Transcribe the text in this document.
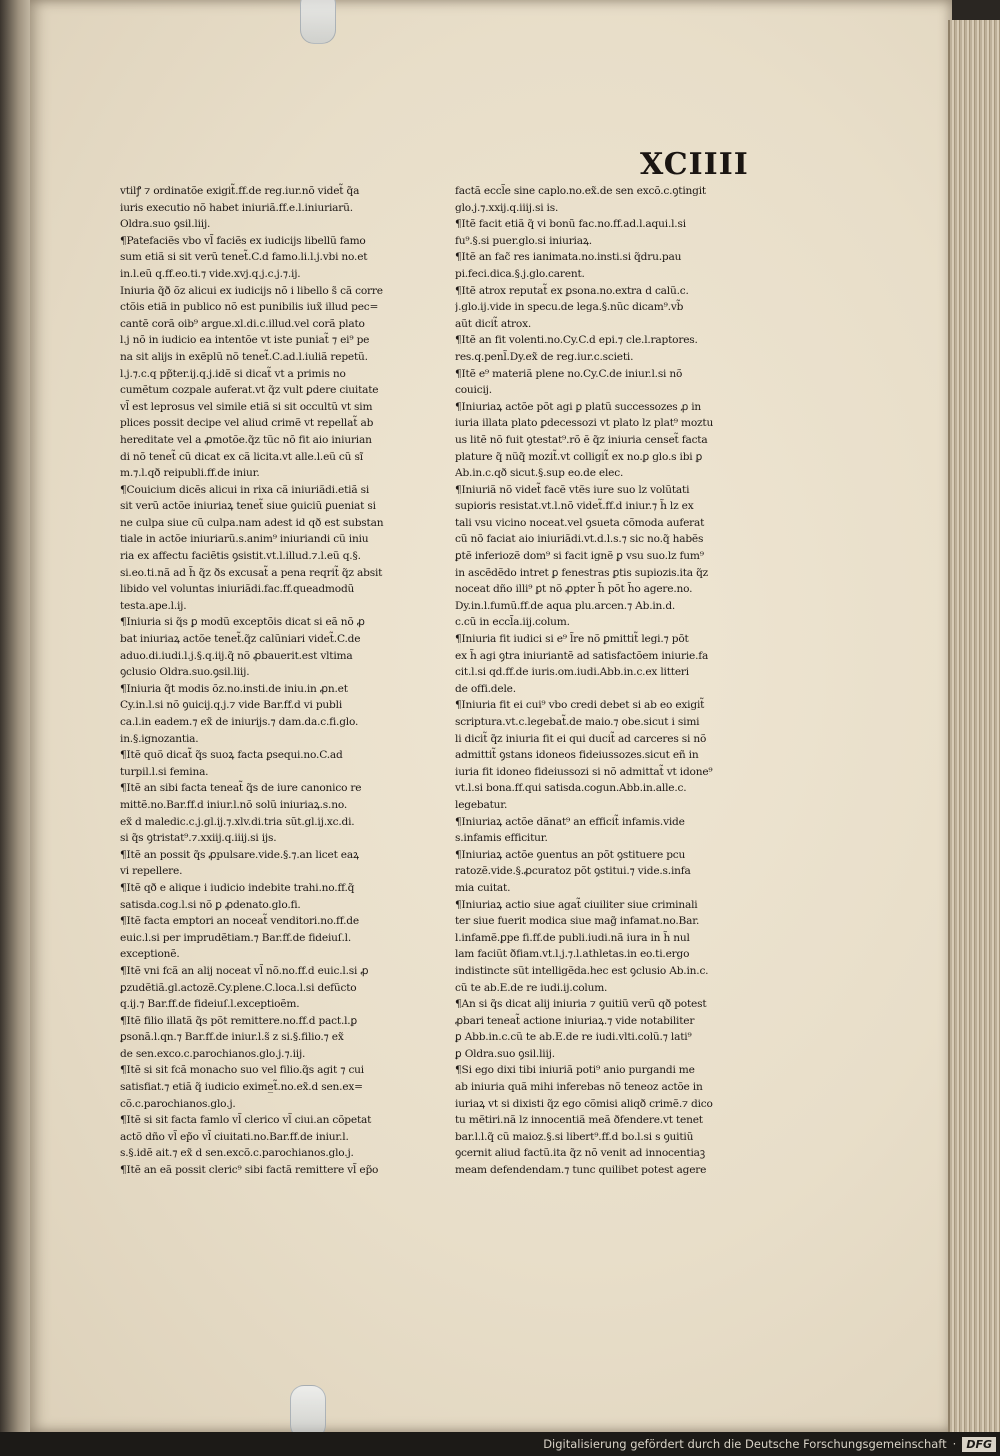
XCIIII
vtilꝭ ⁊ ordinatõe exigit̃.ff.de reg.iur.nõ videt̃ q̃a
iuris executio nõ habet iniuriã.ff.e.l.iniuriarũ.
Oldra.suo ꝯsil.liij.
¶Patefaciẽs vbo vl̃ faciẽs ex iudicijs libellũ famo
sum etiã si sit verũ tenet̃.C.d famo.li.l.j.vbi no.et
in.l.eũ q.ff.eo.ti.⁊ vide.xvj.q.j.c.j.⁊.ij.
Iniuria q̃ð õz alicui ex iudicijs nõ i libello s̃ cã corre
ctõis etiã in publico nõ est punibilis iux̃ illud pec=
cantẽ corã oib⁹ argue.xl.di.c.illud.vel corã plato
l.j nõ in iudicio ea intentõe vt iste puniat̃ ⁊ ei⁹ pe
na sit alijs in exẽplũ nõ tenet̃.C.ad.l.iuliã repetũ.
l.j.⁊.c.q pp̃ter.ij.q.j.idẽ si dicat̃ vt a primis no
cumẽtum cozpale auferat.vt q̃z vult ꝑdere ciuitate
vl̃ est leprosus vel simile etiã si sit occultũ vt sim
plices possit decipe vel aliud crimẽ vt repellat̃ ab
hereditate vel a ꝓmotõe.q̃z tũc nõ fit aio iniurian
di nõ tenet̃ cũ dicat ex cã licita.vt alle.l.eũ cũ sĩ
m.⁊.l.qð reipubli.ff.de iniur.
¶Couicium dicẽs alicui in rixa cã iniuriãdi.etiã si
sit verũ actõe iniuriaꝝ tenet̃ siue ꝯuiciũ ꝑueniat si
ne culpa siue cũ culpa.nam adest id qð est substan
tiale in actõe iniuriarũ.s.anim⁹ iniuriandi cũ iniu
ria ex affectu faciẽtis ꝯsistit.vt.l.illud.⁊.l.eũ q.§.
si.eo.ti.nã ad h̃ q̃z ðs excusat̃ a pena reqrit̃ q̃z absit
libido vel voluntas iniuriãdi.fac.ff.queadmodũ
testa.ape.l.ij.
¶Iniuria si q̃s ꝑ modũ exceptõis dicat si eã nõ ꝓ
bat iniuriaꝝ actõe tenet̃.q̃z calũniari videt̃.C.de
aduo.di.iudi.l.j.§.q.iij.q̃ nõ ꝓbauerit.est vltima
ꝯclusio Oldra.suo.ꝯsil.liij.
¶Iniuria q̃t modis õz.no.insti.de iniu.in ꝓn.et
Cy.in.l.si nõ ꝯuicij.q.j.⁊ vide Bar.ff.d vi publi
ca.l.in eadem.⁊ ex̃ de iniurijs.⁊ dam.da.c.fi.glo.
in.§.ignozantia.
¶Itẽ quõ dicat̃ q̃s suoꝝ facta ꝑsequi.no.C.ad
turpil.l.si femina.
¶Itẽ an sibi facta teneat̃ q̃s de iure canonico re
mittẽ.no.Bar.ff.d iniur.l.nõ solũ iniuriaꝝ.s.no.
ex̃ d maledic.c.j.gl.ij.⁊.xlv.di.tria sũt.gl.ij.xc.di.
si q̃s ꝯtristat⁹.⁊.xxiij.q.iiij.si ijs.
¶Itẽ an possit q̃s ꝓpulsare.vide.§.⁊.an licet eaꝝ
vi repellere.
¶Itẽ qð e alique i iudicio indebite trahi.no.ff.q̃
satisda.cog.l.si nõ ꝑ ꝓdenato.glo.fi.
¶Itẽ facta emptori an noceat̃ venditori.no.ff.de
euic.l.si per imprudẽtiam.⁊ Bar.ff.de fideiuſ.l.
exceptionẽ.
¶Itẽ vni fcã an alij noceat vl̃ nõ.no.ff.d euic.l.si ꝓ
ꝑzudẽtiã.gl.actozẽ.Cy.plene.C.loca.l.si defũcto
q.ij.⁊ Bar.ff.de fideiuſ.l.exceptioẽm.
¶Itẽ filio illatã q̃s põt remittere.no.ff.d pact.l.ꝑ
ꝑsonã.l.qn.⁊ Bar.ff.de iniur.l.s̃ z si.§.filio.⁊ ex̃
de sen.exco.c.parochianos.glo.j.⁊.iij.
¶Itẽ si sit fcã monacho suo vel filio.q̃s agit ⁊ cui
satisfiat.⁊ etiã q̃ iudicio exime̲t̃.no.ex̃.d sen.ex=
cõ.c.parochianos.glo.j.
¶Itẽ si sit facta famlo vl̃ clerico vl̃ ciui.an cõpetat
actõ dño vl̃ ep̃o vl̃ ciuitati.no.Bar.ff.de iniur.l.
s.§.idẽ ait.⁊ ex̃ d sen.excõ.c.parochianos.glo.j.
¶Itẽ an eã possit cleric⁹ sibi factã remittere vl̃ ep̃o
factã eccl̃e sine caplo.no.ex̃.de sen excõ.c.ꝯtingit
glo.j.⁊.xxij.q.iiij.si is.
¶Itẽ facit etiã q̃ vi bonũ fac.no.ff.ad.l.aqui.l.si
fu⁹.§.si puer.glo.si iniuriaꝝ.
¶Itẽ an fac̃ res ianimata.no.insti.si q̃dru.pau
pi.feci.dica.§.j.glo.carent.
¶Itẽ atrox reputat̃ ex ꝑsona.no.extra d calũ.c.
j.glo.ij.vide in specu.de lega.§.nũc dicam⁹.vb̃
aũt dicit̃ atrox.
¶Itẽ an fit volenti.no.Cy.C.d epi.⁊ cle.l.raptores.
res.q.penl̃.Dy.ex̃ de reg.iur.c.scieti.
¶Itẽ e⁹ materiã plene no.Cy.C.de iniur.l.si nõ
couicij.
¶Iniuriaꝝ actõe põt agi ꝑ platũ successozes ꝓ in
iuria illata plato ꝑdecessozi vt plato lz plat⁹ moztu
us litẽ nõ fuit ꝯtestat⁹.rõ ẽ q̃z iniuria censet̃ facta
plature q̃ nũq̃ mozit̃.vt colligit̃ ex no.ꝑ glo.s ibi ꝑ
Ab.in.c.qð sicut.§.sup eo.de elec.
¶Iniuriã nõ videt̃ facẽ vtẽs iure suo lz volũtati
supioris resistat.vt.l.nõ videt̃.ff.d iniur.⁊ h̃ lz ex
tali vsu vicino noceat.vel ꝯsueta cõmoda auferat
cũ nõ faciat aio iniuriãdi.vt.d.l.s.⁊ sic no.q̃ habẽs
ꝑtẽ inferiozẽ dom⁹ si facit ignẽ ꝑ vsu suo.lz fum⁹
in ascẽdẽdo intret ꝑ fenestras ꝑtis supiozis.ita q̃z
noceat dño illi⁹ ꝑt nõ ꝓpter h̃ põt h̃o agere.no.
Dy.in.l.fumũ.ff.de aqua plu.arcen.⁊ Ab.in.d.
c.cũ in eccl̃a.iij.colum.
¶Iniuria fit iudici si e⁹ l̃re nõ ꝑmittit̃ legi.⁊ põt
ex h̃ agi ꝯtra iniuriantẽ ad satisfactõem iniurie.fa
cit.l.si qd.ff.de iuris.om.iudi.Abb.in.c.ex litteri
de offi.dele.
¶Iniuria fit ei cui⁹ vbo credi debet si ab eo exigit̃
scriptura.vt.c.legebat̃.de maio.⁊ obe.sicut i simi
li dicit̃ q̃z iniuria fit ei qui ducit̃ ad carceres si nõ
admittit̃ ꝯstans idoneos fideiussozes.sicut eñ in
iuria fit idoneo fideiussozi si nõ admittat̃ vt idone⁹
vt.l.si bona.ff.qui satisda.cogun.Abb.in.alle.c.
legebatur.
¶Iniuriaꝝ actõe dãnat⁹ an efficit̃ infamis.vide
s.infamis efficitur.
¶Iniuriaꝝ actõe ꝯuentus an põt ꝯstituere pcu
ratozẽ.vide.§.ꝓcuratoz põt ꝯstitui.⁊ vide.s.infa
mia cuitat.
¶Iniuriaꝝ actio siue agat̃ ciuiliter siue criminali
ter siue fuerit modica siue mag̃ infamat.no.Bar.
l.infamẽ.ꝑpe fi.ff.de publi.iudi.nã iura in h̃ nul
lam faciũt ðfiam.vt.l.j.⁊.l.athletas.in eo.ti.ergo
indistincte sũt intelligẽda.hec est ꝯclusio Ab.in.c.
cũ te ab.E.de re iudi.ij.colum.
¶An si q̃s dicat alij iniuria ⁊ ꝯuitiũ verũ qð potest
ꝓbari teneat̃ actione iniuriaꝝ.⁊ vide notabiliter
ꝑ Abb.in.c.cũ te ab.E.de re iudi.vlti.colũ.⁊ lati⁹
ꝑ Oldra.suo ꝯsil.liij.
¶Si ego dixi tibi iniuriã poti⁹ anio purgandi me
ab iniuria quã mihi inferebas nõ teneoz actõe in
iuriaꝝ vt si dixisti q̃z ego cõmisi aliqð crimẽ.⁊ dico
tu mẽtiri.nã lz innocentiã meã ðfendere.vt tenet
bar.l.l.q̃ cũ maioz.§.si libert⁹.ff.d bo.l.si s ꝯuitiũ
ꝯcernit aliud factũ.ita q̃z nõ venit ad innocentiaꝫ
meam defendendam.⁊ tunc quilibet potest agere
Digitalisierung gefördert durch die Deutsche Forschungsgemeinschaft · DFG
